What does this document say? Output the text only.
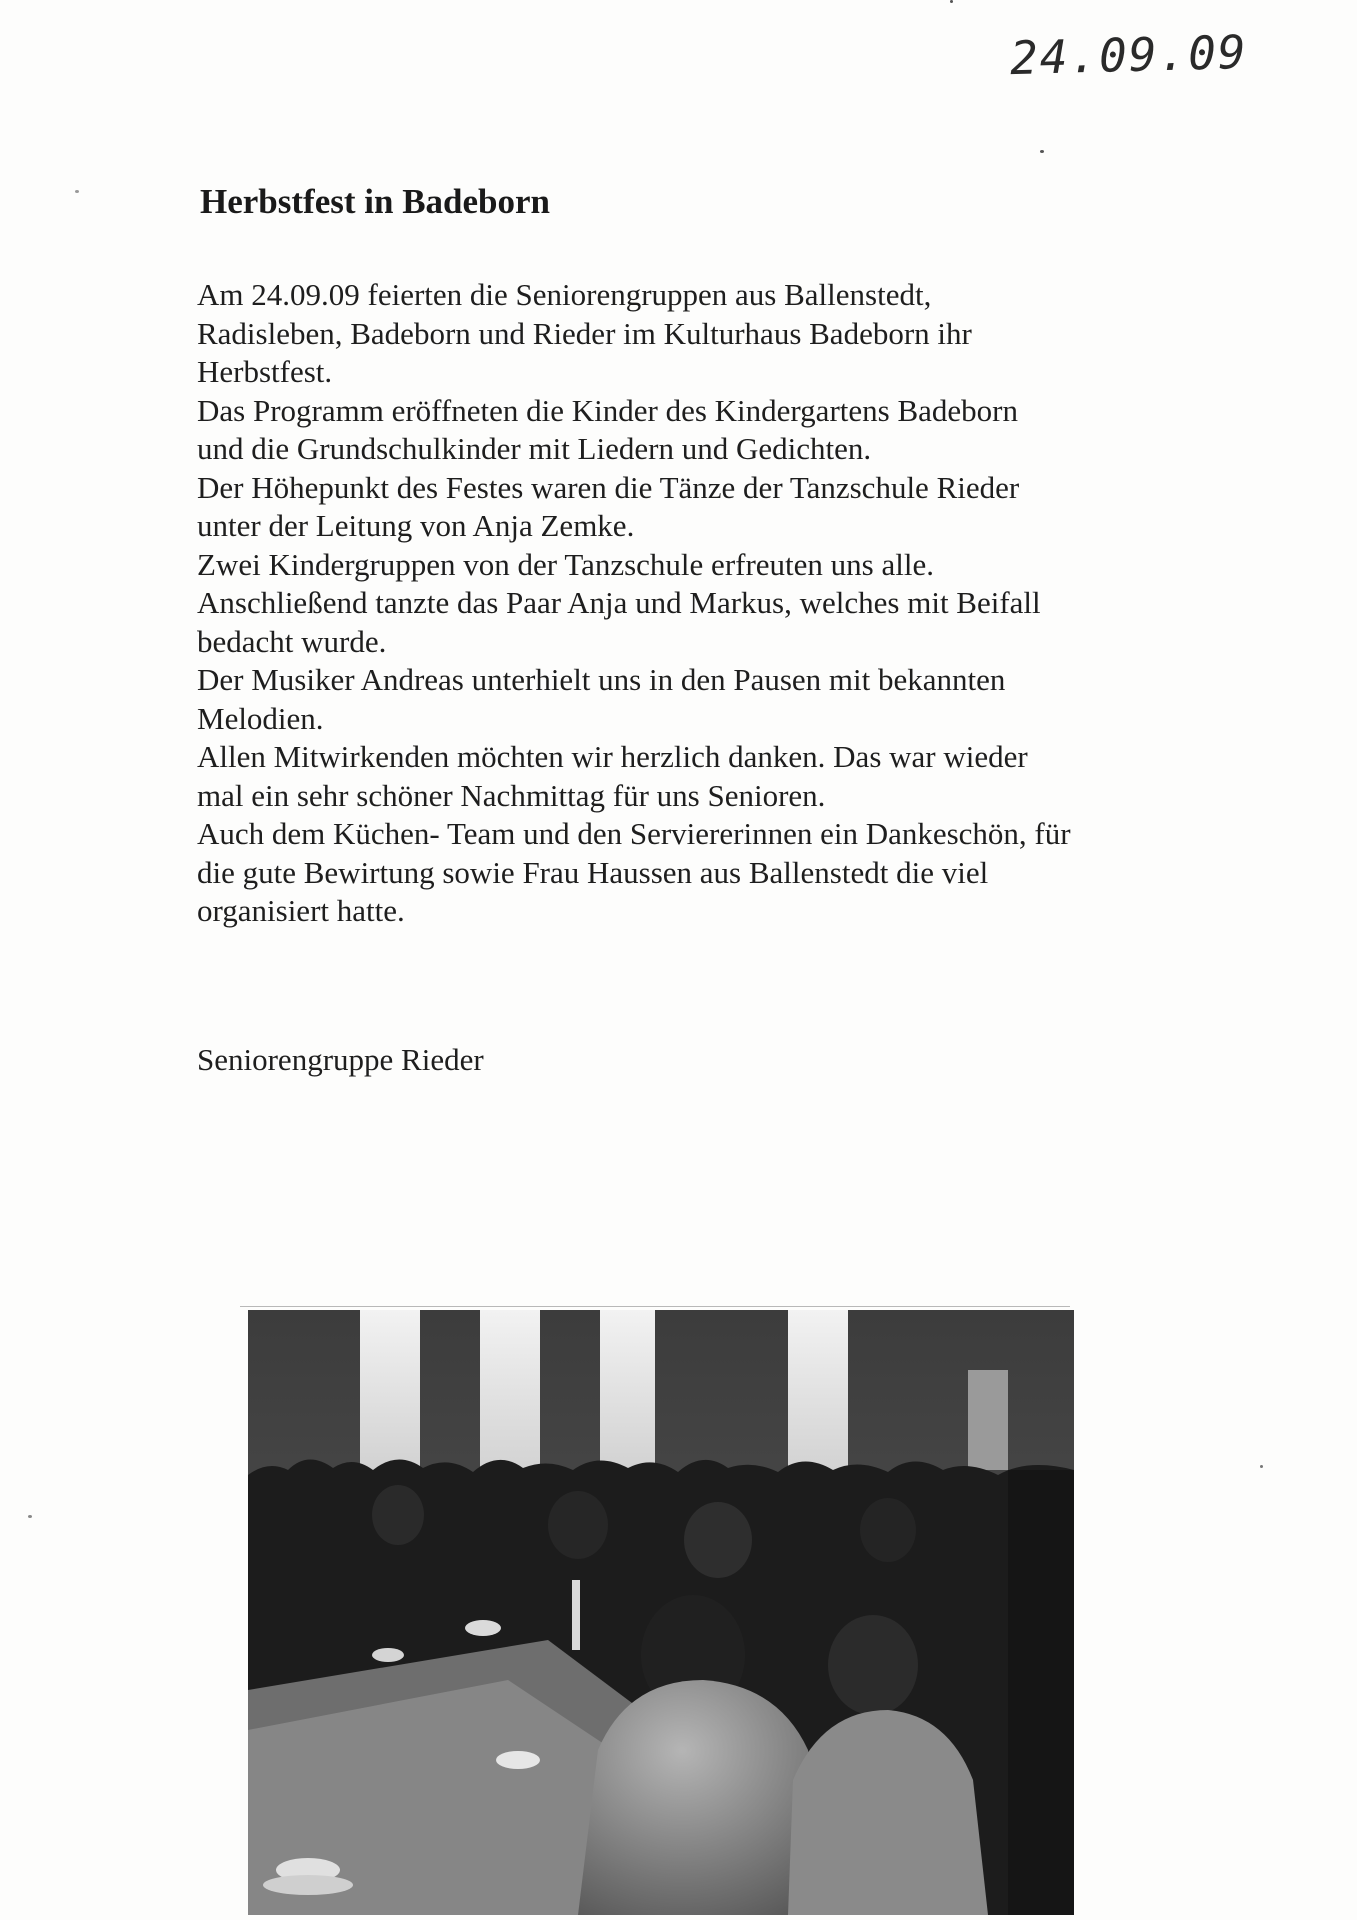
24.09.09
Herbstfest in Badeborn
Am 24.09.09 feierten die Seniorengruppen aus Ballenstedt,
Radisleben, Badeborn und Rieder im Kulturhaus Badeborn ihr
Herbstfest.
Das Programm eröffneten die Kinder des Kindergartens Badeborn
und die Grundschulkinder mit Liedern und Gedichten.
Der Höhepunkt des Festes waren die Tänze der Tanzschule Rieder
unter der Leitung von Anja Zemke.
Zwei Kindergruppen von der Tanzschule erfreuten uns alle.
Anschließend tanzte das Paar Anja und Markus, welches mit Beifall
bedacht wurde.
Der Musiker Andreas unterhielt uns in den Pausen mit bekannten
Melodien.
Allen Mitwirkenden möchten wir herzlich danken. Das war wieder
mal ein sehr schöner Nachmittag für uns Senioren.
Auch dem Küchen- Team und den Serviererinnen ein Dankeschön, für
die gute Bewirtung sowie Frau Haussen aus Ballenstedt die viel
organisiert hatte.
Seniorengruppe Rieder
